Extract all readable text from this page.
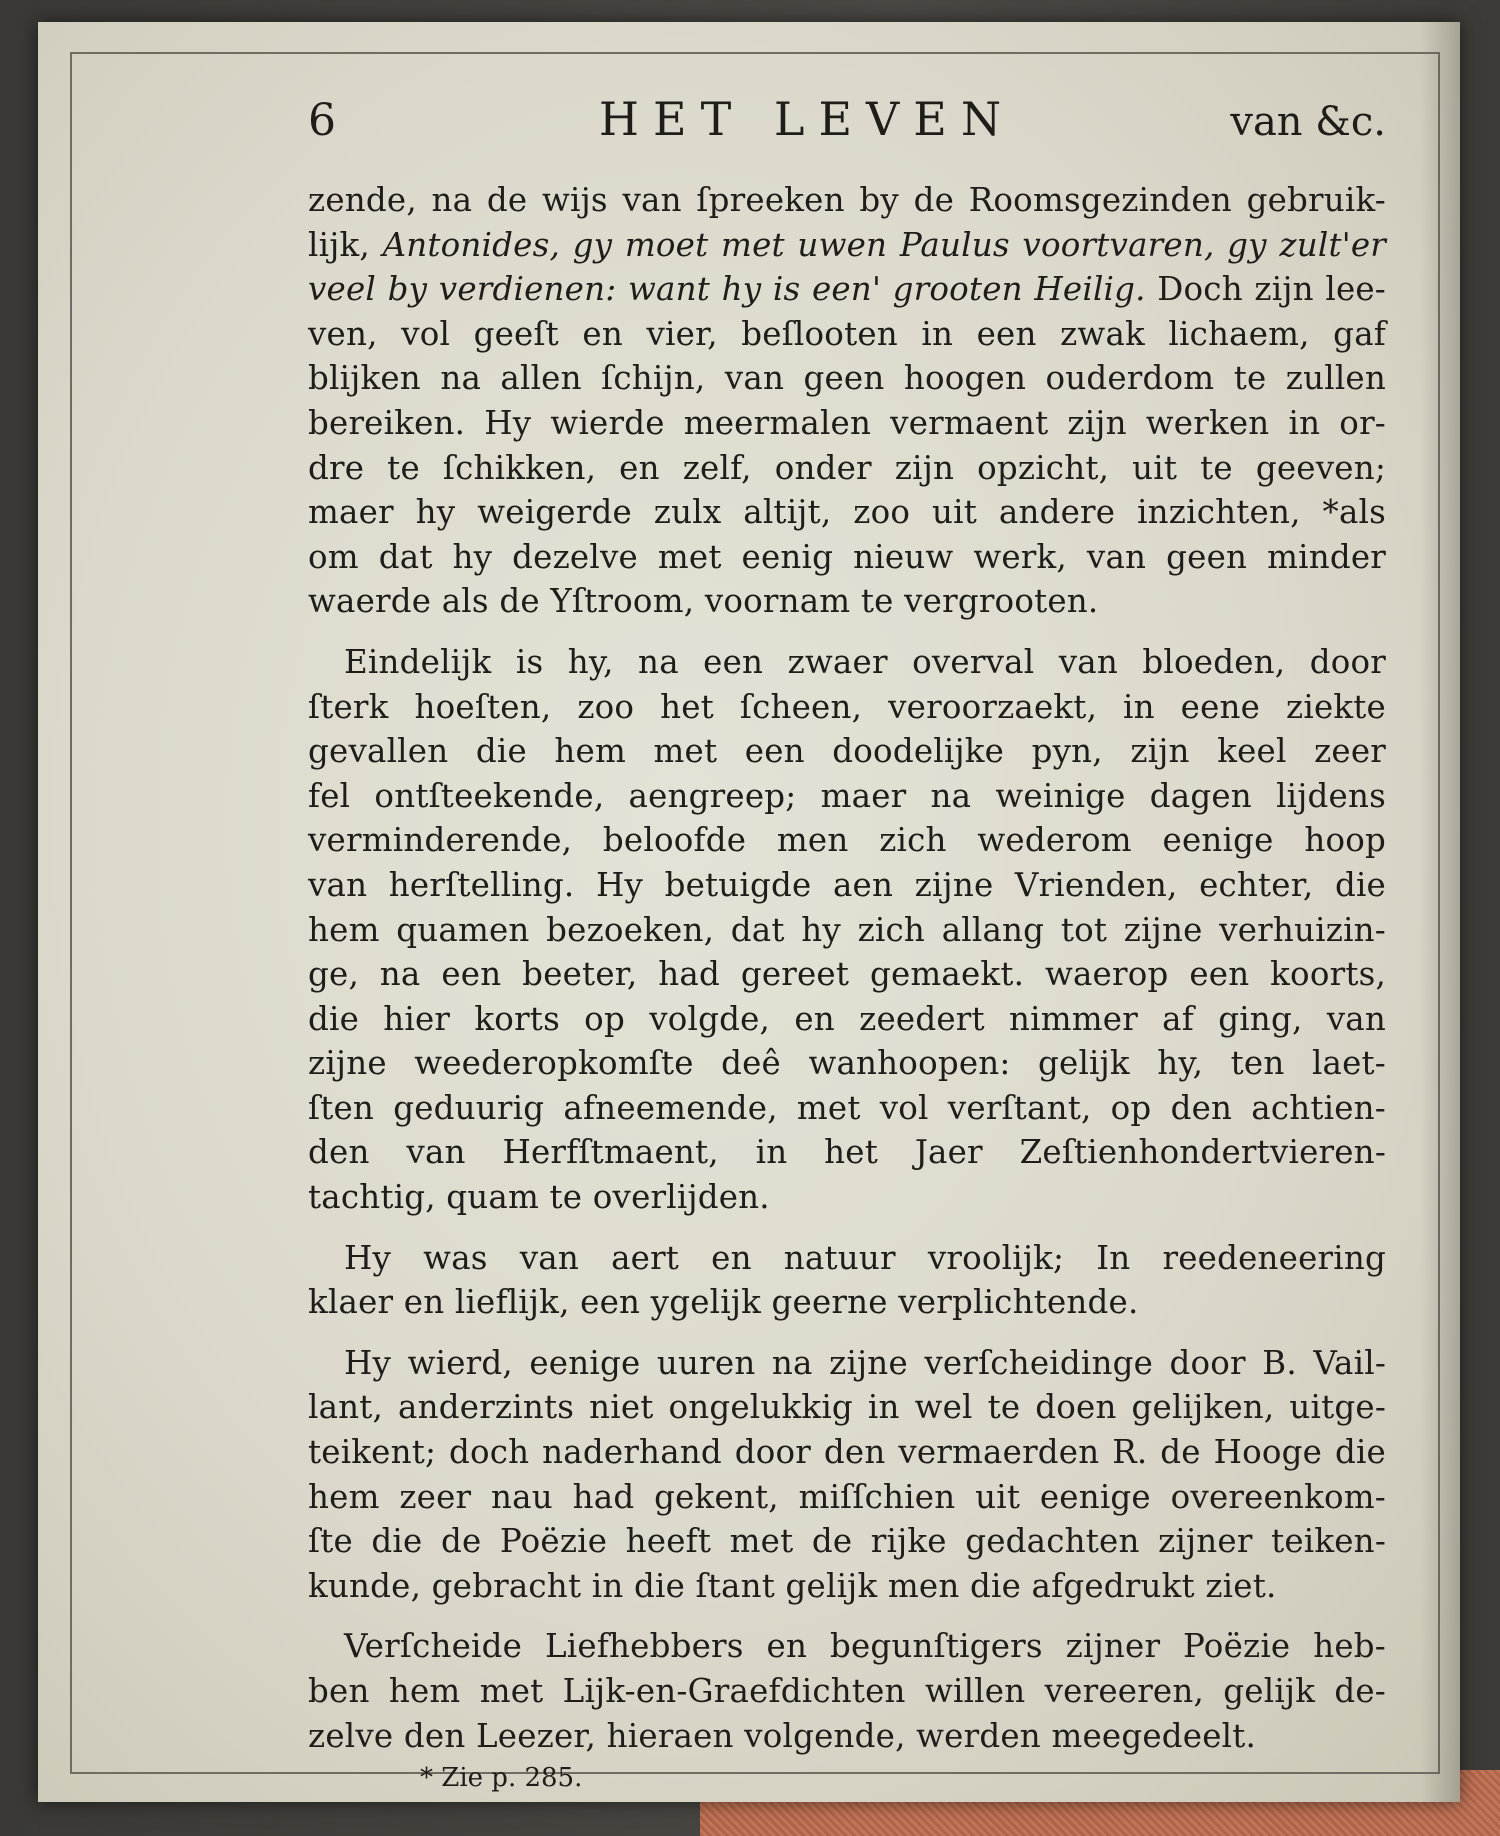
6	HET LEVEN	van &c.
zende, na de wijs van ſpreeken by de Roomsgezinden gebruik-
lijk, Antonides, gy moet met uwen Paulus voortvaren, gy zult'er
veel by verdienen: want hy is een' grooten Heilig. Doch zijn lee-
ven, vol geeſt en vier, beſlooten in een zwak lichaem, gaf
blijken na allen ſchijn, van geen hoogen ouderdom te zullen
bereiken. Hy wierde meermalen vermaent zijn werken in or-
dre te ſchikken, en zelf, onder zijn opzicht, uit te geeven;
maer hy weigerde zulx altijt, zoo uit andere inzichten, *als
om dat hy dezelve met eenig nieuw werk, van geen minder
waerde als de Yſtroom, voornam te vergrooten.
Eindelijk is hy, na een zwaer overval van bloeden, door
ſterk hoeſten, zoo het ſcheen, veroorzaekt, in eene ziekte
gevallen die hem met een doodelijke pyn, zijn keel zeer
fel ontſteekende, aengreep; maer na weinige dagen lijdens
verminderende, beloofde men zich wederom eenige hoop
van herſtelling. Hy betuigde aen zijne Vrienden, echter, die
hem quamen bezoeken, dat hy zich allang tot zijne verhuizin-
ge, na een beeter, had gereet gemaekt. waerop een koorts,
die hier korts op volgde, en zeedert nimmer af ging, van
zijne weederopkomſte deê wanhoopen: gelijk hy, ten laet-
ſten geduurig afneemende, met vol verſtant, op den achtien-
den van Herfſtmaent, in het Jaer Zeſtienhondertvieren-
tachtig, quam te overlijden.
Hy was van aert en natuur vroolijk; In reedeneering
klaer en lieflijk, een ygelijk geerne verplichtende.
Hy wierd, eenige uuren na zijne verſcheidinge door B. Vail-
lant, anderzints niet ongelukkig in wel te doen gelijken, uitge-
teikent; doch naderhand door den vermaerden R. de Hooge die
hem zeer nau had gekent, miſſchien uit eenige overeenkom-
ſte die de Poëzie heeft met de rijke gedachten zijner teiken-
kunde, gebracht in die ſtant gelijk men die afgedrukt ziet.
Verſcheide Liefhebbers en begunſtigers zijner Poëzie heb-
ben hem met Lijk-en-Graefdichten willen vereeren, gelijk de-
zelve den Leezer, hieraen volgende, werden meegedeelt.
* Zie p. 285.
